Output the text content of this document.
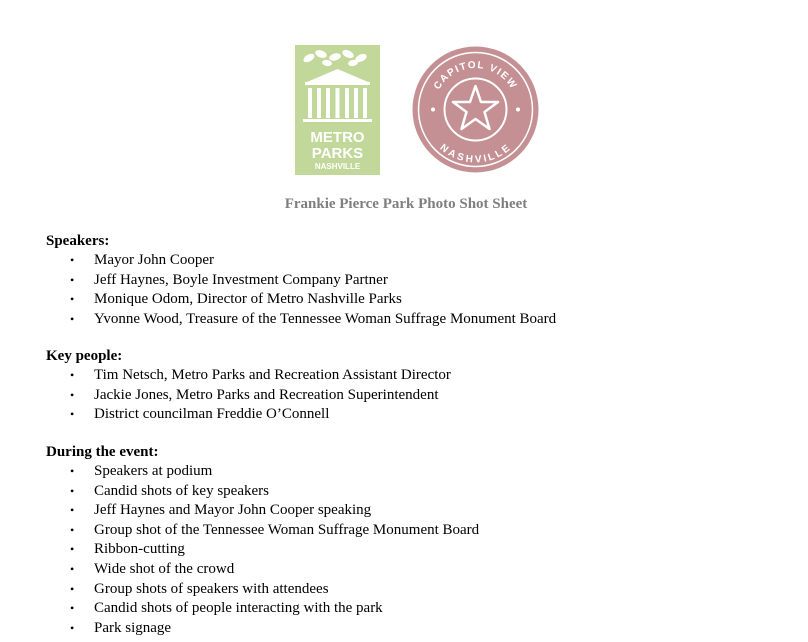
METRO
PARKS
NASHVILLE
CAPITOL VIEW
NASHVILLE
Frankie Pierce Park Photo Shot Sheet

Speakers:

• Mayor John Cooper
• Jeff Haynes, Boyle Investment Company Partner
• Monique Odom, Director of Metro Nashville Parks
• Yvonne Wood, Treasure of the Tennessee Woman Suffrage Monument Board

Key people:

• Tim Netsch, Metro Parks and Recreation Assistant Director
• Jackie Jones, Metro Parks and Recreation Superintendent
• District councilman Freddie O’Connell

During the event:

• Speakers at podium
• Candid shots of key speakers
• Jeff Haynes and Mayor John Cooper speaking
• Group shot of the Tennessee Woman Suffrage Monument Board
• Ribbon-cutting
• Wide shot of the crowd
• Group shots of speakers with attendees
• Candid shots of people interacting with the park
• Park signage
